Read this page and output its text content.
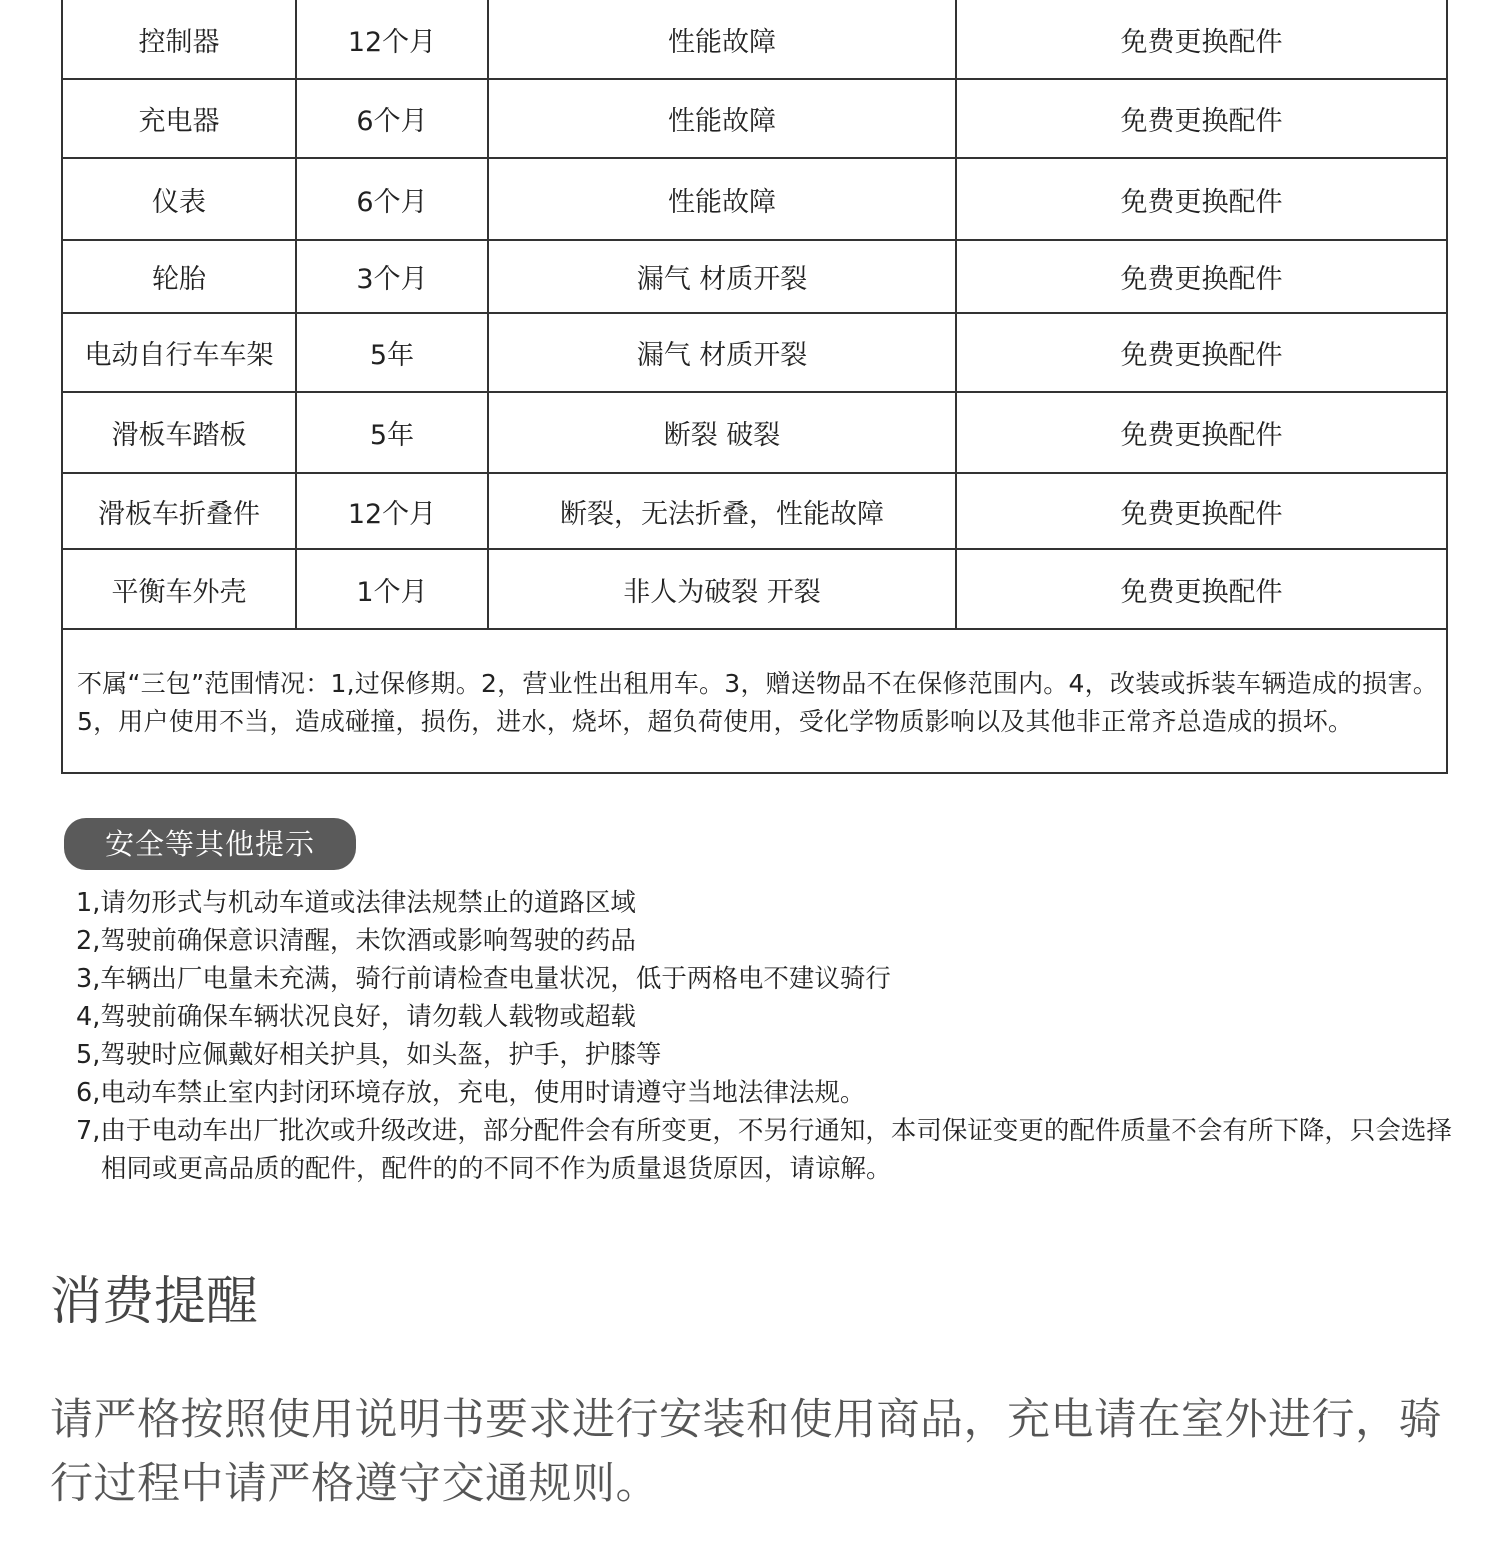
控制器	12个月	性能故障	免费更换配件
充电器	6个月	性能故障	免费更换配件
仪表	6个月	性能故障	免费更换配件
轮胎	3个月	漏气 材质开裂	免费更换配件
电动自行车车架	5年	漏气 材质开裂	免费更换配件
滑板车踏板	5年	断裂 破裂	免费更换配件
滑板车折叠件	12个月	断裂，无法折叠，性能故障	免费更换配件
平衡车外壳	1个月	非人为破裂 开裂	免费更换配件
不属“三包”范围情况：1,过保修期。2，营业性出租用车。3，赠送物品不在保修范围内。4，改装或拆装车辆造成的损害。5，用户使用不当，造成碰撞，损伤，进水，烧坏，超负荷使用，受化学物质影响以及其他非正常齐总造成的损坏。			
安全等其他提示
1,请勿形式与机动车道或法律法规禁止的道路区域
2,驾驶前确保意识清醒，未饮酒或影响驾驶的药品
3,车辆出厂电量未充满，骑行前请检查电量状况，低于两格电不建议骑行
4,驾驶前确保车辆状况良好，请勿载人载物或超载
5,驾驶时应佩戴好相关护具，如头盔，护手，护膝等
6,电动车禁止室内封闭环境存放，充电，使用时请遵守当地法律法规。
7,由于电动车出厂批次或升级改进，部分配件会有所变更，不另行通知，本司保证变更的配件质量不会有所下降，只会选择相同或更高品质的配件，配件的的不同不作为质量退货原因，请谅解。
消费提醒

请严格按照使用说明书要求进行安装和使用商品，充电请在室外进行，骑行过程中请严格遵守交通规则。
